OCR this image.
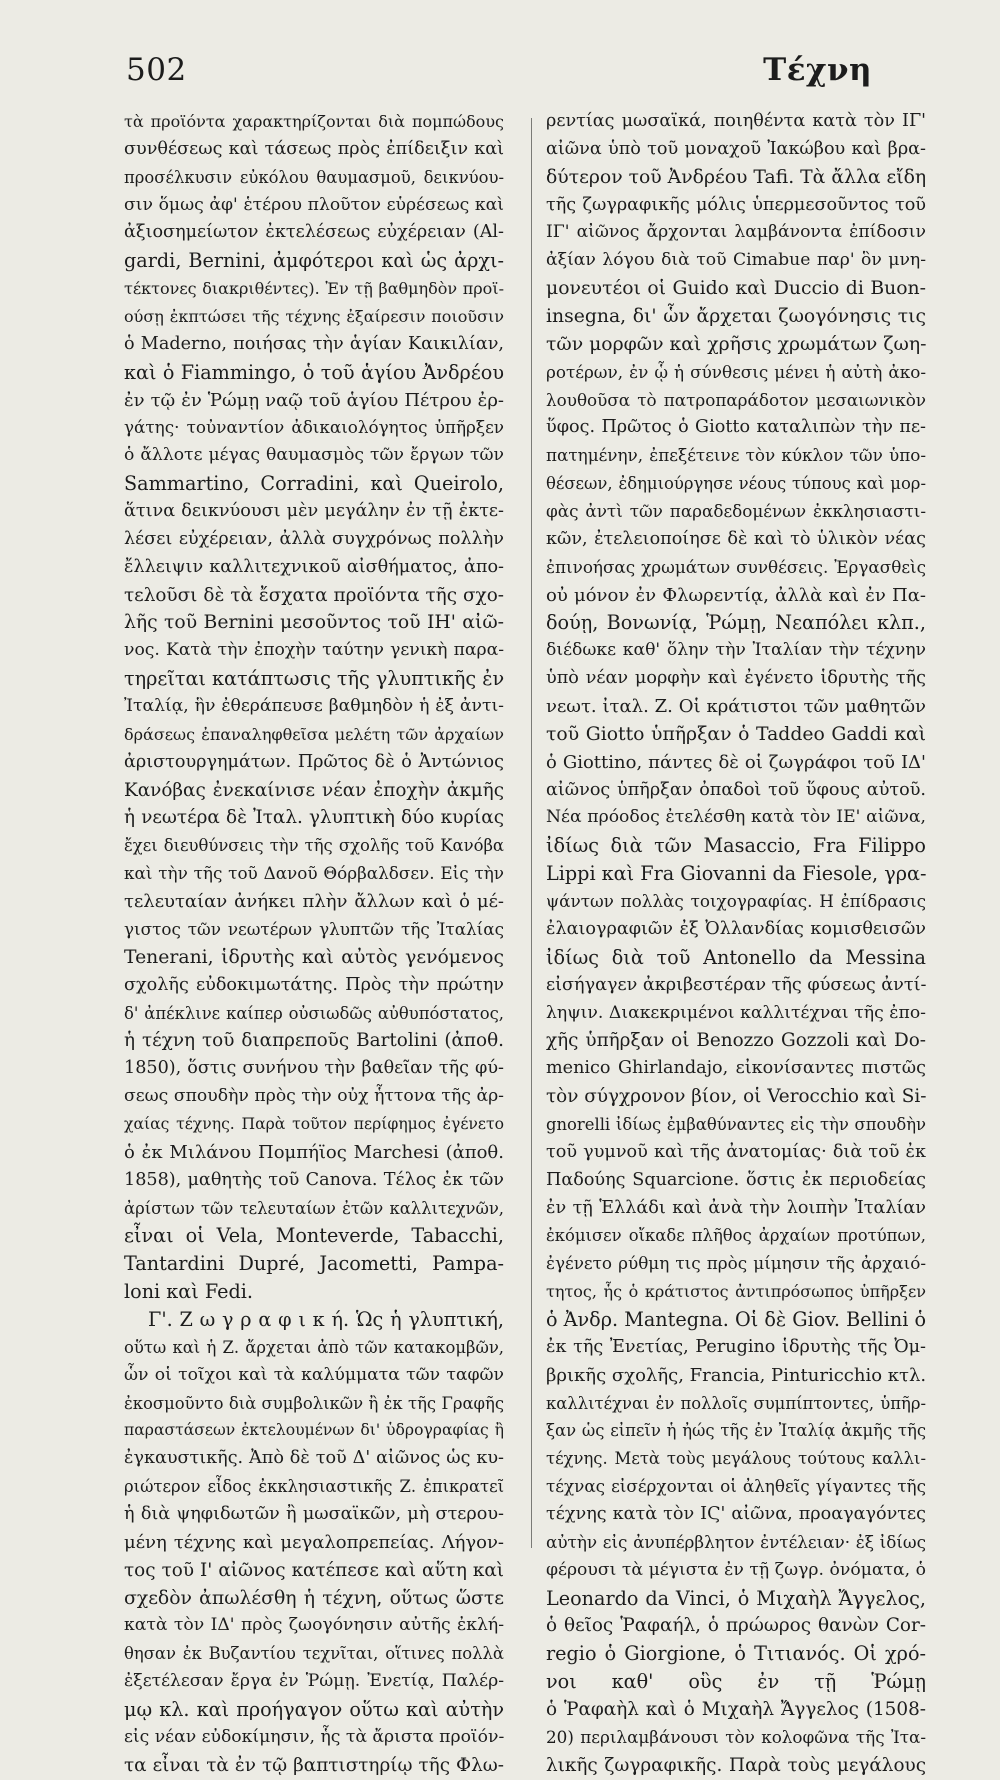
502	Τέχνη
τὰ προϊόντα χαρακτηρίζονται διὰ πομπώδους
συνθέσεως καὶ τάσεως πρὸς ἐπίδειξιν καὶ
προσέλκυσιν εὐκόλου θαυμασμοῦ, δεικνύου-
σιν ὅμως ἀφ' ἑτέρου πλοῦτον εὑρέσεως καὶ
ἀξιοσημείωτον ἐκτελέσεως εὐχέρειαν (Al-
gardi, Bernini, ἀμφότεροι καὶ ὡς ἀρχι-
τέκτονες διακριθέντες). Ἐν τῇ βαθμηδὸν προϊ-
ούσῃ ἐκπτώσει τῆς τέχνης ἐξαίρεσιν ποιοῦσιν
ὁ Maderno, ποιήσας τὴν ἁγίαν Καικιλίαν,
καὶ ὁ Fiammingo, ὁ τοῦ ἁγίου Ἀνδρέου
ἐν τῷ ἐν Ῥώμῃ ναῷ τοῦ ἁγίου Πέτρου ἐρ-
γάτης· τοὐναντίον ἀδικαιολόγητος ὑπῆρξεν
ὁ ἄλλοτε μέγας θαυμασμὸς τῶν ἔργων τῶν
Sammartino, Corradini, καὶ Queirolo,
ἅτινα δεικνύουσι μὲν μεγάλην ἐν τῇ ἐκτε-
λέσει εὐχέρειαν, ἀλλὰ συγχρόνως πολλὴν
ἔλλειψιν καλλιτεχνικοῦ αἰσθήματος, ἀπο-
τελοῦσι δὲ τὰ ἔσχατα προϊόντα τῆς σχο-
λῆς τοῦ Bernini μεσοῦντος τοῦ ΙΗ' αἰῶ-
νος. Κατὰ τὴν ἐποχὴν ταύτην γενικὴ παρα-
τηρεῖται κατάπτωσις τῆς γλυπτικῆς ἐν
Ἰταλίᾳ, ἣν ἐθεράπευσε βαθμηδὸν ἡ ἐξ ἀντι-
δράσεως ἐπαναληφθεῖσα μελέτη τῶν ἀρχαίων
ἀριστουργημάτων. Πρῶτος δὲ ὁ Ἀντώνιος
Κανόβας ἐνεκαίνισε νέαν ἐποχὴν ἀκμῆς
ἡ νεωτέρα δὲ Ἰταλ. γλυπτικὴ δύο κυρίας
ἔχει διευθύνσεις τὴν τῆς σχολῆς τοῦ Κανόβα
καὶ τὴν τῆς τοῦ Δανοῦ Θόρβαλδσεν. Εἰς τὴν
τελευταίαν ἀνήκει πλὴν ἄλλων καὶ ὁ μέ-
γιστος τῶν νεωτέρων γλυπτῶν τῆς Ἰταλίας
Tenerani, ἱδρυτὴς καὶ αὐτὸς γενόμενος
σχολῆς εὐδοκιμωτάτης. Πρὸς τὴν πρώτην
δ' ἀπέκλινε καίπερ οὐσιωδῶς αὐθυπόστατος,
ἡ τέχνη τοῦ διαπρεποῦς Bartolini (ἀποθ.
1850), ὅστις συνήνου τὴν βαθεῖαν τῆς φύ-
σεως σπουδὴν πρὸς τὴν οὐχ ἧττονα τῆς ἀρ-
χαίας τέχνης. Παρὰ τοῦτον περίφημος ἐγένετο
ὁ ἐκ Μιλάνου Πομπήϊος Marchesi (ἀποθ.
1858), μαθητὴς τοῦ Canova. Τέλος ἐκ τῶν
ἀρίστων τῶν τελευταίων ἐτῶν καλλιτεχνῶν,
εἶναι οἱ Vela, Monteverde, Tabacchi,
Tantardini Dupré, Jacometti, Pampa-
loni καὶ Fedi.
Γ'. Ζ ω γ ρ α φ ι κ ή. Ὡς ἡ γλυπτική,
οὕτω καὶ ἡ Ζ. ἄρχεται ἀπὸ τῶν κατακομβῶν,
ὧν οἱ τοῖχοι καὶ τὰ καλύμματα τῶν ταφῶν
ἐκοσμοῦντο διὰ συμβολικῶν ἢ ἐκ τῆς Γραφῆς
παραστάσεων ἐκτελουμένων δι' ὑδρογραφίας ἢ
ἐγκαυστικῆς. Ἀπὸ δὲ τοῦ Δ' αἰῶνος ὡς κυ-
ριώτερον εἶδος ἐκκλησιαστικῆς Ζ. ἐπικρατεῖ
ἡ διὰ ψηφιδωτῶν ἢ μωσαϊκῶν, μὴ στερου-
μένη τέχνης καὶ μεγαλοπρεπείας. Λήγον-
τος τοῦ Ι' αἰῶνος κατέπεσε καὶ αὕτη καὶ
σχεδὸν ἀπωλέσθη ἡ τέχνη, οὕτως ὥστε
κατὰ τὸν ΙΔ' πρὸς ζωογόνησιν αὐτῆς ἐκλή-
θησαν ἐκ Βυζαντίου τεχνῖται, οἵτινες πολλὰ
ἐξετέλεσαν ἔργα ἐν Ῥώμῃ. Ἐνετίᾳ, Παλέρ-
μῳ κλ. καὶ προήγαγον οὕτω καὶ αὐτὴν
εἰς νέαν εὐδοκίμησιν, ἧς τὰ ἄριστα προϊόν-
τα εἶναι τὰ ἐν τῷ βαπτιστηρίῳ τῆς Φλω-
ρεντίας μωσαϊκά, ποιηθέντα κατὰ τὸν ΙΓ'
αἰῶνα ὑπὸ τοῦ μοναχοῦ Ἰακώβου καὶ βρα-
δύτερον τοῦ Ἀνδρέου Tafi. Τὰ ἄλλα εἴδη
τῆς ζωγραφικῆς μόλις ὑπερμεσοῦντος τοῦ
ΙΓ' αἰῶνος ἄρχονται λαμβάνοντα ἐπίδοσιν
ἀξίαν λόγου διὰ τοῦ Cimabue παρ' ὃν μνη-
μονευτέοι οἱ Guido καὶ Duccio di Buon-
insegna, δι' ὧν ἄρχεται ζωογόνησις τις
τῶν μορφῶν καὶ χρῆσις χρωμάτων ζωη-
ροτέρων, ἐν ᾧ ἡ σύνθεσις μένει ἡ αὐτὴ ἀκο-
λουθοῦσα τὸ πατροπαράδοτον μεσαιωνικὸν
ὕφος. Πρῶτος ὁ Giotto καταλιπὼν τὴν πε-
πατημένην, ἐπεξέτεινε τὸν κύκλον τῶν ὑπο-
θέσεων, ἐδημιούργησε νέους τύπους καὶ μορ-
φὰς ἀντὶ τῶν παραδεδομένων ἐκκλησιαστι-
κῶν, ἐτελειοποίησε δὲ καὶ τὸ ὑλικὸν νέας
ἐπινοήσας χρωμάτων συνθέσεις. Ἐργασθεὶς
οὐ μόνον ἐν Φλωρεντίᾳ, ἀλλὰ καὶ ἐν Πα-
δούῃ, Βονωνίᾳ, Ῥώμῃ, Νεαπόλει κλπ.,
διέδωκε καθ' ὅλην τὴν Ἰταλίαν τὴν τέχνην
ὑπὸ νέαν μορφὴν καὶ ἐγένετο ἱδρυτὴς τῆς
νεωτ. ἰταλ. Ζ. Οἱ κράτιστοι τῶν μαθητῶν
τοῦ Giotto ὑπῆρξαν ὁ Taddeo Gaddi καὶ
ὁ Giottino, πάντες δὲ οἱ ζωγράφοι τοῦ ΙΔ'
αἰῶνος ὑπῆρξαν ὀπαδοὶ τοῦ ὕφους αὐτοῦ.
Νέα πρόοδος ἐτελέσθη κατὰ τὸν ΙΕ' αἰῶνα,
ἰδίως διὰ τῶν Masaccio, Fra Filippo
Lippi καὶ Fra Giovanni da Fiesole, γρα-
ψάντων πολλὰς τοιχογραφίας. Η ἐπίδρασις
ἐλαιογραφιῶν ἐξ Ὀλλανδίας κομισθεισῶν
ἰδίως διὰ τοῦ Antonello da Messina
εἰσήγαγεν ἀκριβεστέραν τῆς φύσεως ἀντί-
ληψιν. Διακεκριμένοι καλλιτέχναι τῆς ἐπο-
χῆς ὑπῆρξαν οἱ Benozzo Gozzoli καὶ Do-
menico Ghirlandajo, εἰκονίσαντες πιστῶς
τὸν σύγχρονον βίον, οἱ Verocchio καὶ Si-
gnorelli ἰδίως ἐμβαθύναντες εἰς τὴν σπουδὴν
τοῦ γυμνοῦ καὶ τῆς ἀνατομίας· διὰ τοῦ ἐκ
Παδούης Squarcione. ὅστις ἐκ περιοδείας
ἐν τῇ Ἑλλάδι καὶ ἀνὰ τὴν λοιπὴν Ἰταλίαν
ἐκόμισεν οἴκαδε πλῆθος ἀρχαίων προτύπων,
ἐγένετο ρύθμη τις πρὸς μίμησιν τῆς ἀρχαιό-
τητος, ἧς ὁ κράτιστος ἀντιπρόσωπος ὑπῆρξεν
ὁ Ἀνδρ. Mantegna. Οἱ δὲ Giov. Bellini ὁ
ἐκ τῆς Ἐνετίας, Perugino ἱδρυτὴς τῆς Ὀμ-
βρικῆς σχολῆς, Francia, Pinturicchio κτλ.
καλλιτέχναι ἐν πολλοῖς συμπίπτοντες, ὑπῆρ-
ξαν ὡς εἰπεῖν ἡ ἠώς τῆς ἐν Ἰταλίᾳ ἀκμῆς τῆς
τέχνης. Μετὰ τοὺς μεγάλους τούτους καλλι-
τέχνας εἰσέρχονται οἱ ἀληθεῖς γίγαντες τῆς
τέχνης κατὰ τὸν ΙϚ' αἰῶνα, προαγαγόντες
αὐτὴν εἰς ἀνυπέρβλητον ἐντέλειαν· ἐξ ἰδίως
φέρουσι τὰ μέγιστα ἐν τῇ ζωγρ. ὀνόματα, ὁ
Leonardo da Vinci, ὁ Μιχαὴλ Ἄγγελος,
ὁ θεῖος Ῥαφαήλ, ὁ πρώωρος θανὼν Cor-
regio ὁ Giorgione, ὁ Τιτιανός. Οἱ χρό-
νοι καθ' οὓς ἐν τῇ Ῥώμῃ
ὁ Ῥαφαὴλ καὶ ὁ Μιχαὴλ Ἄγγελος (1508-
20) περιλαμβάνουσι τὸν κολοφῶνα τῆς Ἰτα-
λικῆς ζωγραφικῆς. Παρὰ τοὺς μεγάλους
